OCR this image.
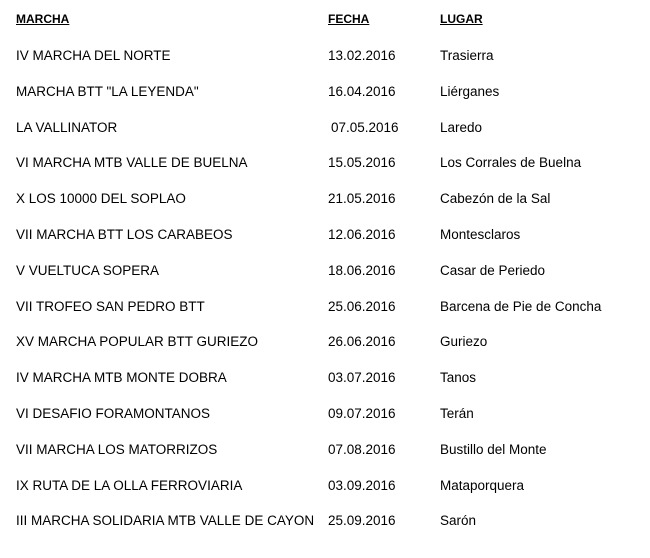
MARCHA	FECHA	LUGAR
IV MARCHA DEL NORTE	13.02.2016	Trasierra
MARCHA BTT "LA LEYENDA"	16.04.2016	Liérganes
LA VALLINATOR	07.05.2016	Laredo
VI MARCHA MTB VALLE DE BUELNA	15.05.2016	Los Corrales de Buelna
X LOS 10000 DEL SOPLAO	21.05.2016	Cabezón de la Sal
VII MARCHA BTT LOS CARABEOS	12.06.2016	Montesclaros
V VUELTUCA SOPERA	18.06.2016	Casar de Periedo
VII TROFEO SAN PEDRO BTT	25.06.2016	Barcena de Pie de Concha
XV MARCHA POPULAR BTT GURIEZO	26.06.2016	Guriezo
IV MARCHA MTB MONTE DOBRA	03.07.2016	Tanos
VI DESAFIO FORAMONTANOS	09.07.2016	Terán
VII MARCHA LOS MATORRIZOS	07.08.2016	Bustillo del Monte
IX RUTA DE LA OLLA FERROVIARIA	03.09.2016	Mataporquera
III MARCHA SOLIDARIA MTB VALLE DE CAYON 25.09.2016	Sarón
